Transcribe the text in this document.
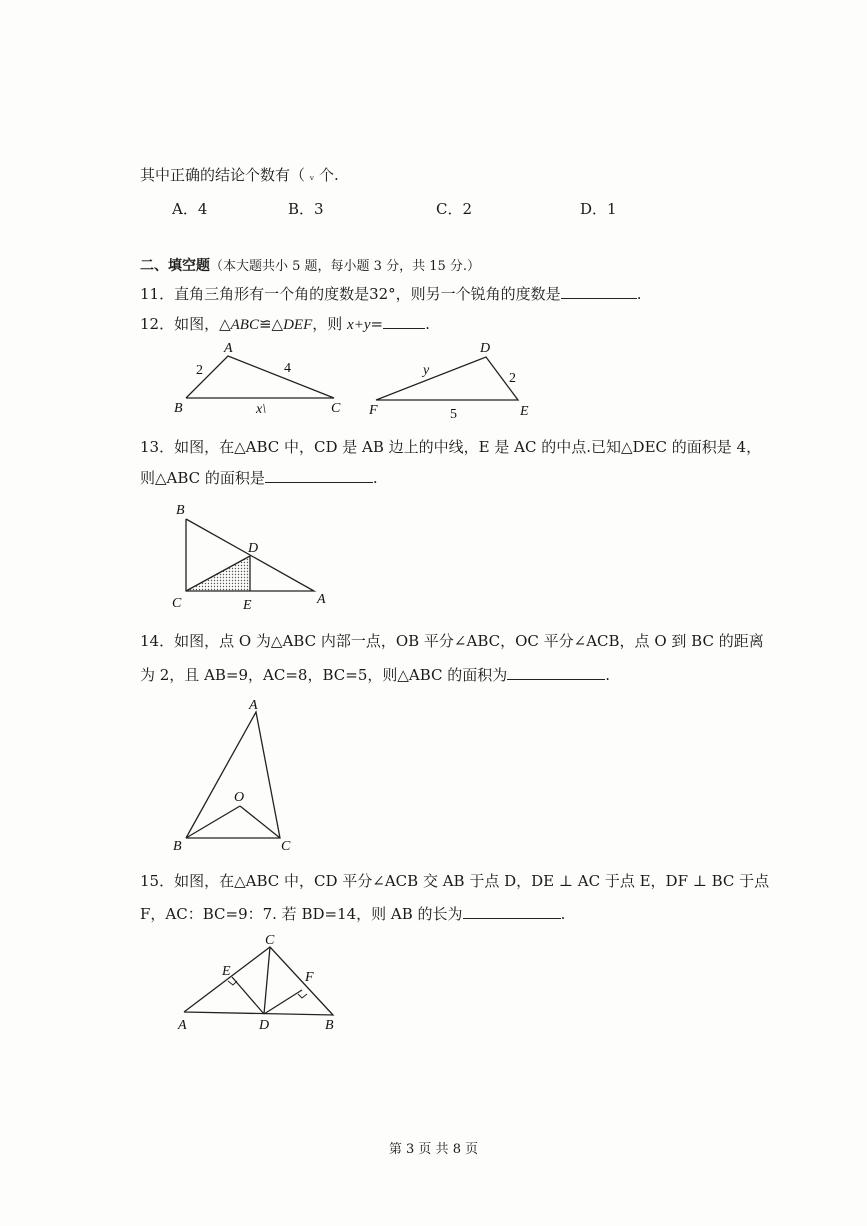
其中正确的结论个数有（ ᵥ 个.
A．4	B．3	C．2	D．1
二、填空题（本大题共小 5 题，每小题 3 分，共 15 分.）
11．直角三角形有一个角的度数是32°，则另一个锐角的度数是	.
12．如图，△ABC≌△DEF，则 x+y=	.
A
B	C
2	4
x\
D
F	E
y
2
5
B
D
C	E	A
A
O
B	C
C
E	F
A	D	B
13．如图，在△ABC 中，CD 是 AB 边上的中线，E 是 AC 的中点.已知△DEC 的面积是 4，
则△ABC 的面积是	.
14．如图，点 O 为△ABC 内部一点，OB 平分∠ABC，OC 平分∠ACB，点 O 到 BC 的距离
为 2，且 AB=9，AC=8，BC=5，则△ABC 的面积为	.
15．如图，在△ABC 中，CD 平分∠ACB 交 AB 于点 D，DE ⊥ AC 于点 E，DF ⊥ BC 于点
F，AC：BC=9：7. 若 BD=14，则 AB 的长为	.
第 3 页 共 8 页
